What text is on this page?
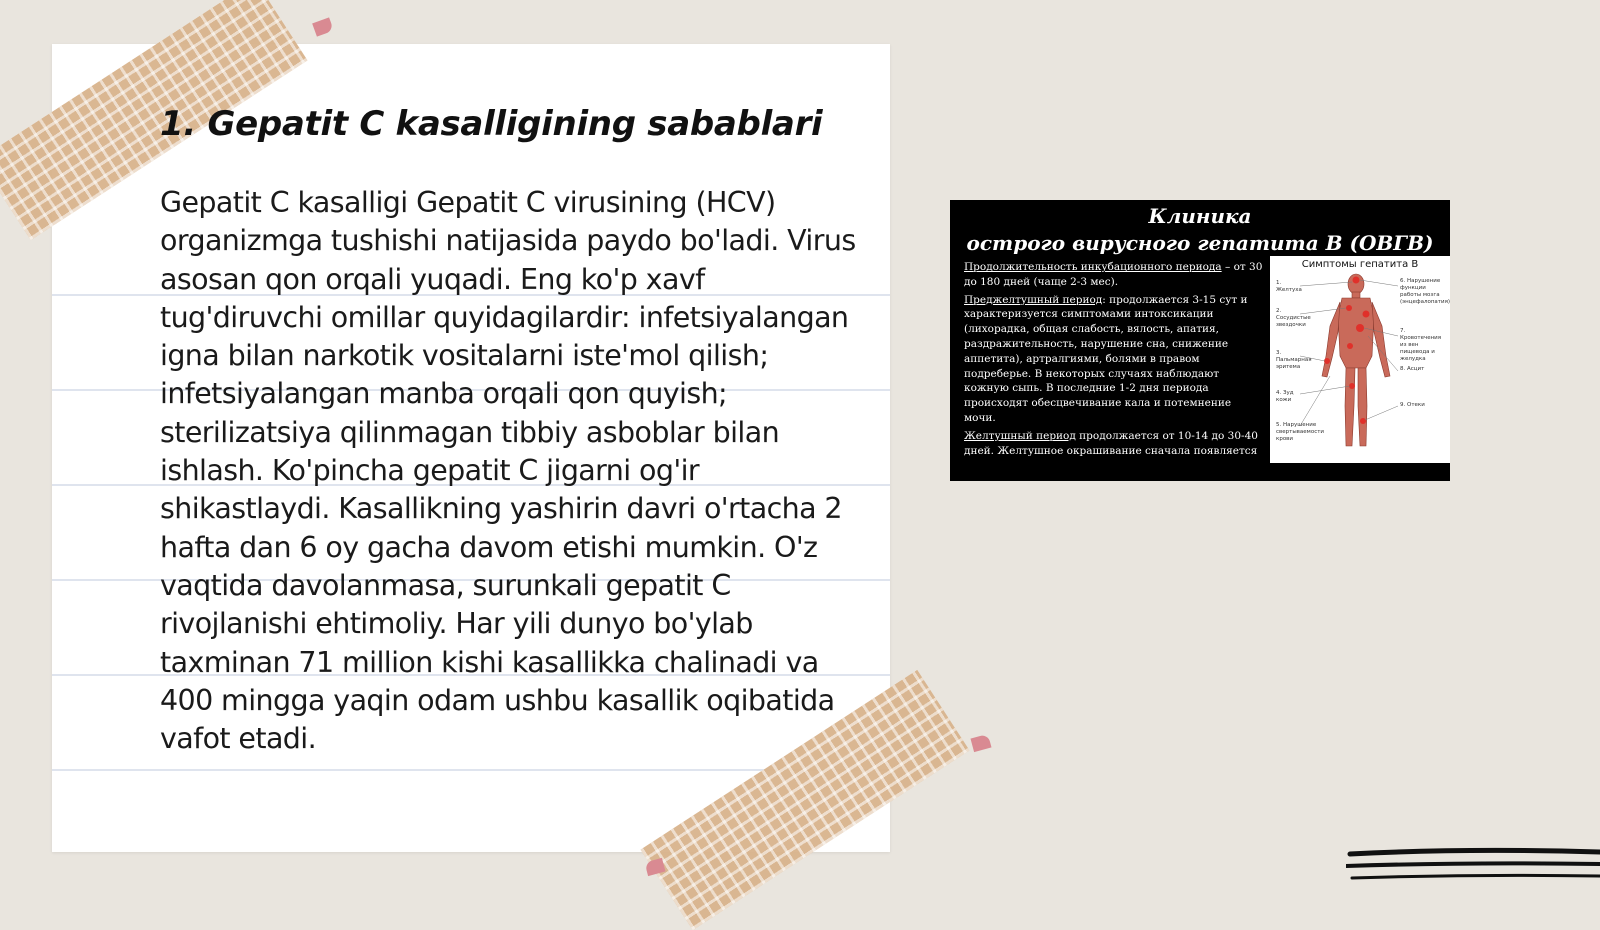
1. Gepatit C kasalligining sabablari

Gepatit C kasalligi Gepatit C virusining (HCV) organizmga tushishi natijasida paydo bo'ladi. Virus asosan qon orqali yuqadi. Eng ko'p xavf tug'diruvchi omillar quyidagilardir: infetsiyalangan igna bilan narkotik vositalarni iste'mol qilish; infetsiyalangan manba orqali qon quyish; sterilizatsiya qilinmagan tibbiy asboblar bilan ishlash. Ko'pincha gepatit C jigarni og'ir shikastlaydi. Kasallikning yashirin davri o'rtacha 2 hafta dan 6 oy gacha davom etishi mumkin. O'z vaqtida davolanmasa, surunkali gepatit C rivojlanishi ehtimoliy. Har yili dunyo bo'ylab taxminan 71 million kishi kasallikka chalinadi va 400 mingga yaqin odam ushbu kasallik oqibatida vafot etadi.

Клиника
острого вирусного гепатита В (ОВГВ)

Продолжительность инкубационного периода – от 30 до 180 дней (чаще 2-3 мес).

Преджелтушный период: продолжается 3-15 сут и характеризуется симптомами интоксикации (лихорадка, общая слабость, вялость, апатия, раздражительность, нарушение сна, снижение аппетита), артралгиями, болями в правом подреберье. В некоторых случаях наблюдают кожную сыпь. В последние 1-2 дня периода происходят обесцвечивание кала и потемнение мочи.

Желтушный период продолжается от 10-14 до 30-40 дней. Желтушное окрашивание сначала появляется

Симптомы гепатита В
1. Желтуха
2. Сосудистые звездочки
3. Пальмарная эритема
4. Зуд кожи
5. Нарушение свертываемости крови
6. Нарушение функции работы мозга (энцефалопатия)
7. Кровотечения из вен пищевода и желудка
8. Асцит
9. Отеки
